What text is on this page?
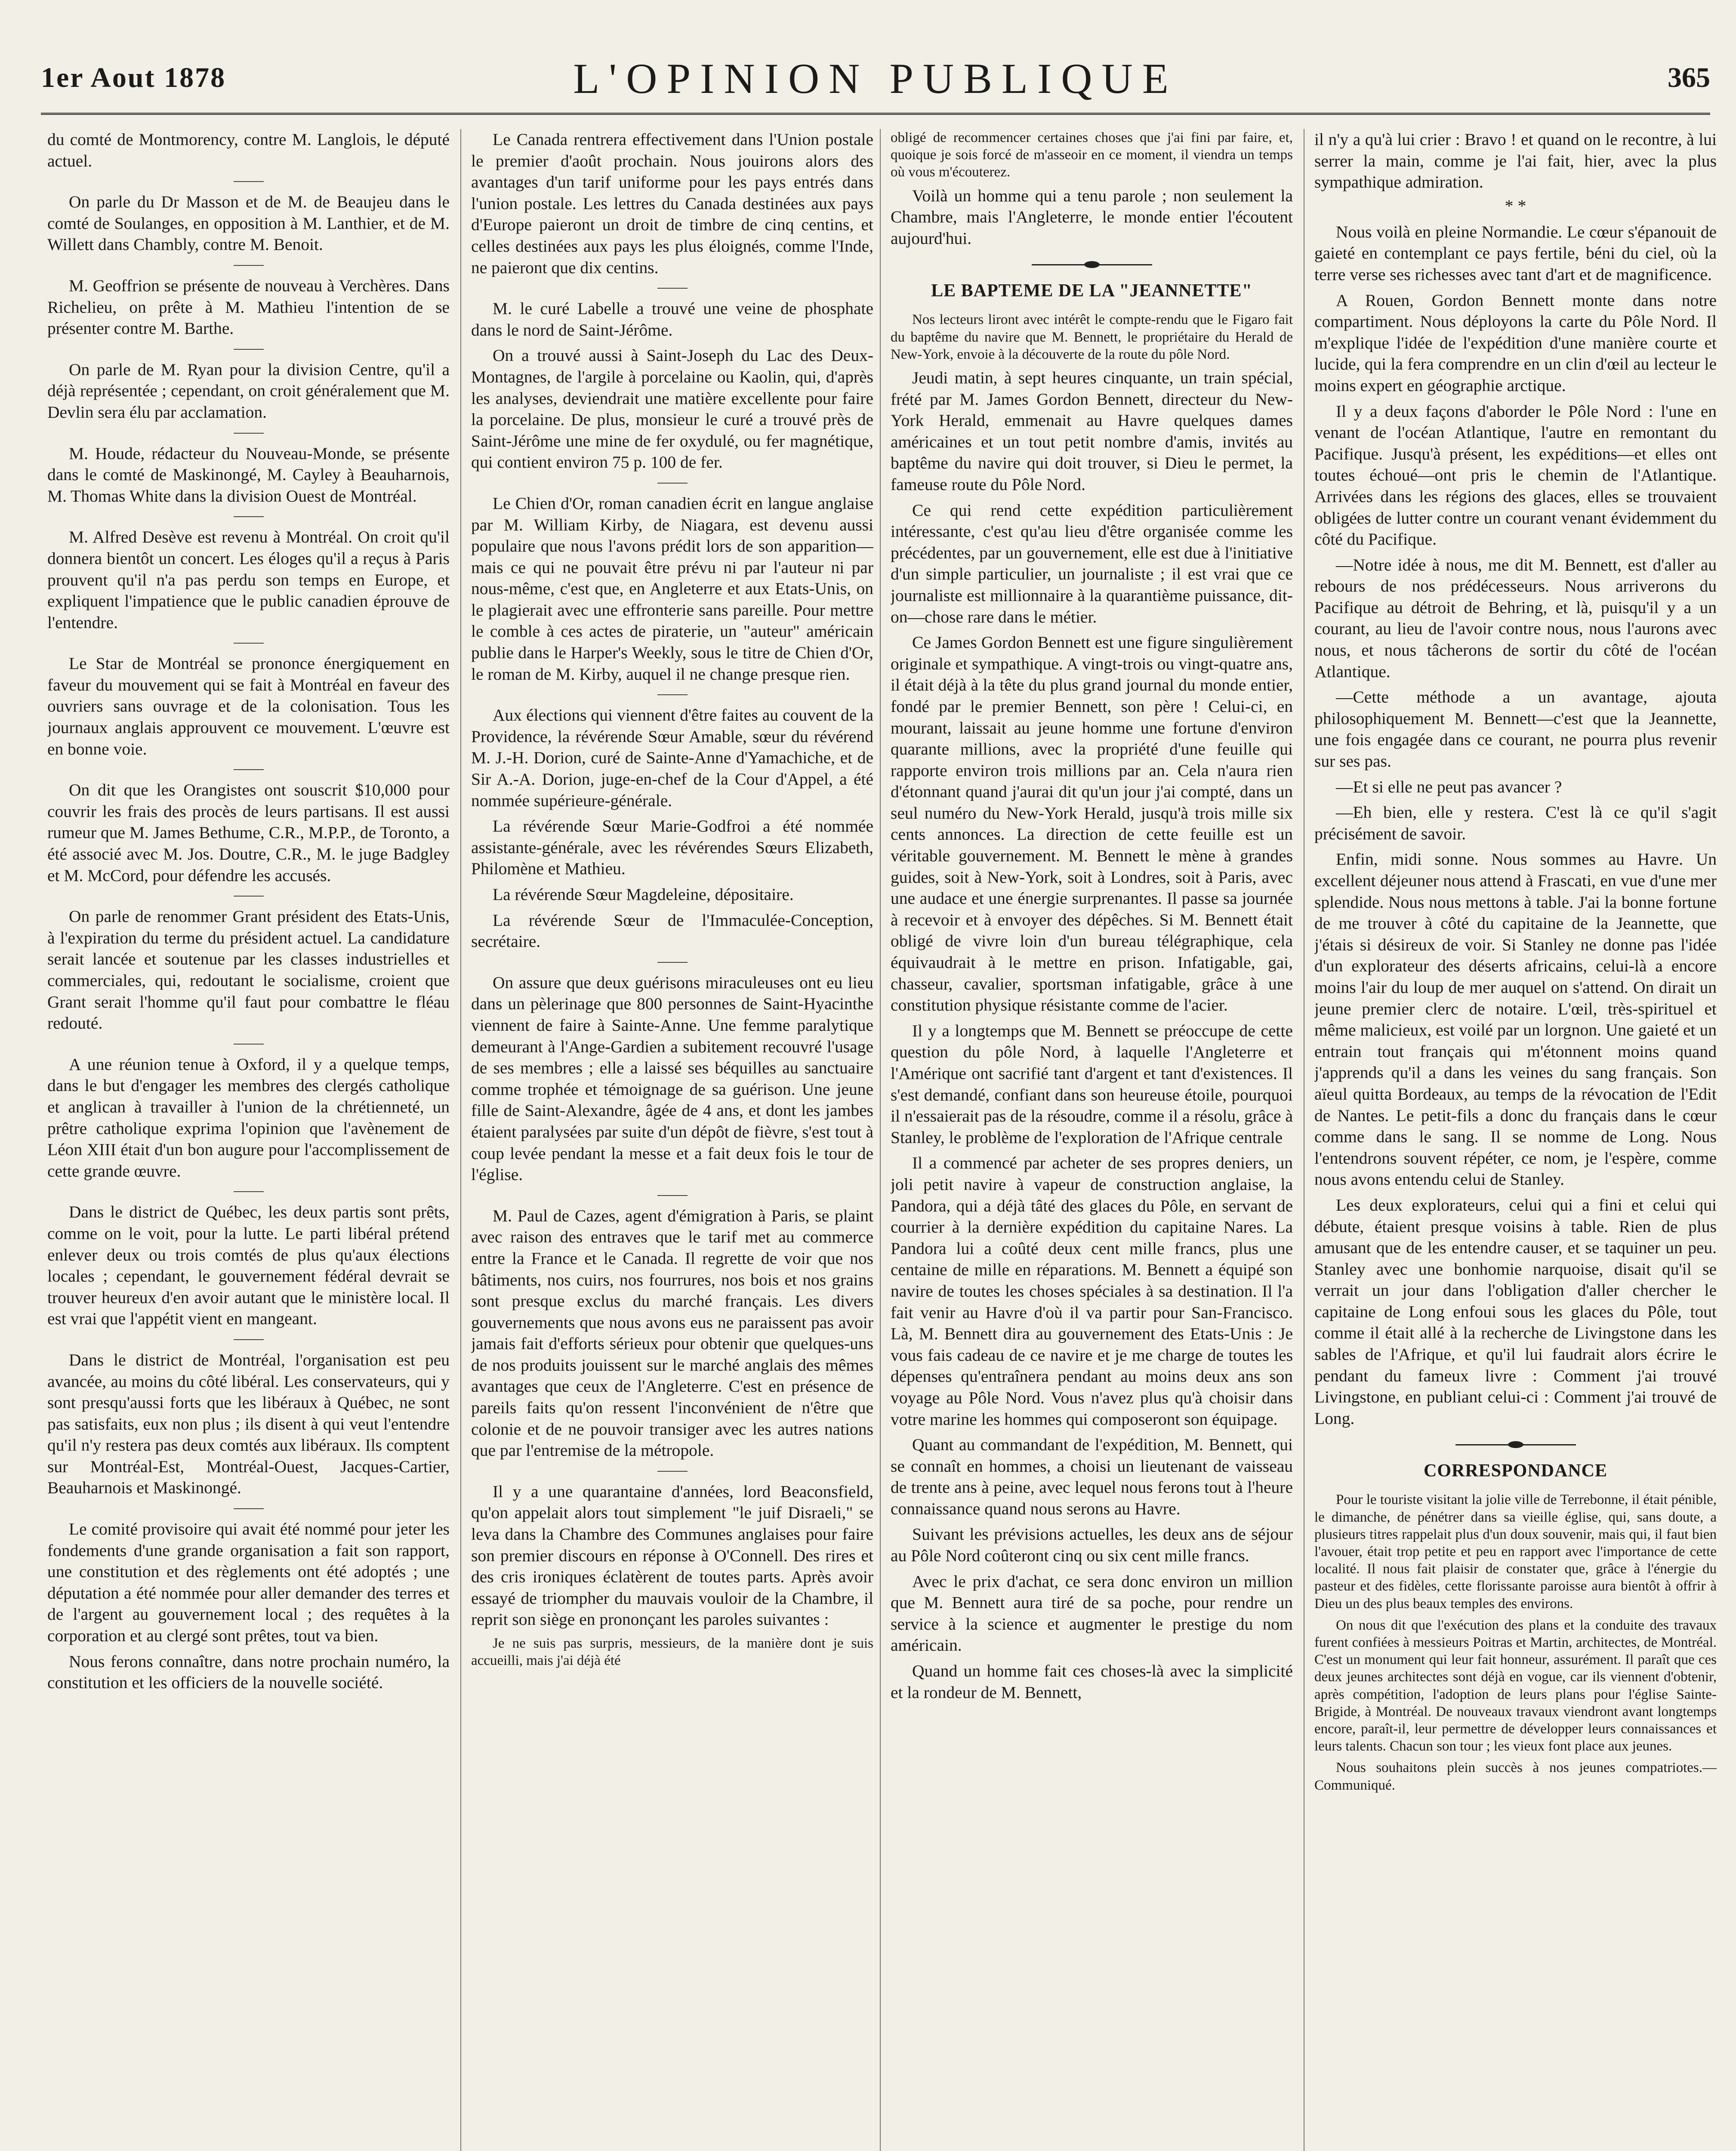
1er Aout 1878	L'OPINION PUBLIQUE	365

du comté de Montmorency, contre M. Langlois, le député actuel.

On parle du Dr Masson et de M. de Beaujeu dans le comté de Soulanges, en opposition à M. Lanthier, et de M. Willett dans Chambly, contre M. Benoit.

M. Geoffrion se présente de nouveau à Verchères. Dans Richelieu, on prête à M. Mathieu l'intention de se présenter contre M. Barthe.

On parle de M. Ryan pour la division Centre, qu'il a déjà représentée ; cependant, on croit généralement que M. Devlin sera élu par acclamation.

M. Houde, rédacteur du Nouveau-Monde, se présente dans le comté de Maskinongé, M. Cayley à Beauharnois, M. Thomas White dans la division Ouest de Montréal.

M. Alfred Desève est revenu à Montréal. On croit qu'il donnera bientôt un concert. Les éloges qu'il a reçus à Paris prouvent qu'il n'a pas perdu son temps en Europe, et expliquent l'impatience que le public canadien éprouve de l'entendre.

Le Star de Montréal se prononce énergiquement en faveur du mouvement qui se fait à Montréal en faveur des ouvriers sans ouvrage et de la colonisation. Tous les journaux anglais approuvent ce mouvement. L'œuvre est en bonne voie.

On dit que les Orangistes ont souscrit $10,000 pour couvrir les frais des procès de leurs partisans. Il est aussi rumeur que M. James Bethume, C.R., M.P.P., de Toronto, a été associé avec M. Jos. Doutre, C.R., M. le juge Badgley et M. McCord, pour défendre les accusés.

On parle de renommer Grant président des Etats-Unis, à l'expiration du terme du président actuel. La candidature serait lancée et soutenue par les classes industrielles et commerciales, qui, redoutant le socialisme, croient que Grant serait l'homme qu'il faut pour combattre le fléau redouté.

A une réunion tenue à Oxford, il y a quelque temps, dans le but d'engager les membres des clergés catholique et anglican à travailler à l'union de la chrétienneté, un prêtre catholique exprima l'opinion que l'avènement de Léon XIII était d'un bon augure pour l'accomplissement de cette grande œuvre.

Dans le district de Québec, les deux partis sont prêts, comme on le voit, pour la lutte. Le parti libéral prétend enlever deux ou trois comtés de plus qu'aux élections locales ; cependant, le gouvernement fédéral devrait se trouver heureux d'en avoir autant que le ministère local. Il est vrai que l'appétit vient en mangeant.

Dans le district de Montréal, l'organisation est peu avancée, au moins du côté libéral. Les conservateurs, qui y sont presqu'aussi forts que les libéraux à Québec, ne sont pas satisfaits, eux non plus ; ils disent à qui veut l'entendre qu'il n'y restera pas deux comtés aux libéraux. Ils comptent sur Montréal-Est, Montréal-Ouest, Jacques-Cartier, Beauharnois et Maskinongé.

Le comité provisoire qui avait été nommé pour jeter les fondements d'une grande organisation a fait son rapport, une constitution et des règlements ont été adoptés ; une députation a été nommée pour aller demander des terres et de l'argent au gouvernement local ; des requêtes à la corporation et au clergé sont prêtes, tout va bien.

Nous ferons connaître, dans notre prochain numéro, la constitution et les officiers de la nouvelle société.

Le Canada rentrera effectivement dans l'Union postale le premier d'août prochain. Nous jouirons alors des avantages d'un tarif uniforme pour les pays entrés dans l'union postale. Les lettres du Canada destinées aux pays d'Europe paieront un droit de timbre de cinq centins, et celles destinées aux pays les plus éloignés, comme l'Inde, ne paieront que dix centins.

M. le curé Labelle a trouvé une veine de phosphate dans le nord de Saint-Jérôme.

On a trouvé aussi à Saint-Joseph du Lac des Deux-Montagnes, de l'argile à porcelaine ou Kaolin, qui, d'après les analyses, deviendrait une matière excellente pour faire la porcelaine. De plus, monsieur le curé a trouvé près de Saint-Jérôme une mine de fer oxydulé, ou fer magnétique, qui contient environ 75 p. 100 de fer.

Le Chien d'Or, roman canadien écrit en langue anglaise par M. William Kirby, de Niagara, est devenu aussi populaire que nous l'avons prédit lors de son apparition—mais ce qui ne pouvait être prévu ni par l'auteur ni par nous-même, c'est que, en Angleterre et aux Etats-Unis, on le plagierait avec une effronterie sans pareille. Pour mettre le comble à ces actes de piraterie, un "auteur" américain publie dans le Harper's Weekly, sous le titre de Chien d'Or, le roman de M. Kirby, auquel il ne change presque rien.

Aux élections qui viennent d'être faites au couvent de la Providence, la révérende Sœur Amable, sœur du révérend M. J.-H. Dorion, curé de Sainte-Anne d'Yamachiche, et de Sir A.-A. Dorion, juge-en-chef de la Cour d'Appel, a été nommée supérieure-générale.

La révérende Sœur Marie-Godfroi a été nommée assistante-générale, avec les révérendes Sœurs Elizabeth, Philomène et Mathieu.

La révérende Sœur Magdeleine, dépositaire.

La révérende Sœur de l'Immaculée-Conception, secrétaire.

On assure que deux guérisons miraculeuses ont eu lieu dans un pèlerinage que 800 personnes de Saint-Hyacinthe viennent de faire à Sainte-Anne. Une femme paralytique demeurant à l'Ange-Gardien a subitement recouvré l'usage de ses membres ; elle a laissé ses béquilles au sanctuaire comme trophée et témoignage de sa guérison. Une jeune fille de Saint-Alexandre, âgée de 4 ans, et dont les jambes étaient paralysées par suite d'un dépôt de fièvre, s'est tout à coup levée pendant la messe et a fait deux fois le tour de l'église.

M. Paul de Cazes, agent d'émigration à Paris, se plaint avec raison des entraves que le tarif met au commerce entre la France et le Canada. Il regrette de voir que nos bâtiments, nos cuirs, nos fourrures, nos bois et nos grains sont presque exclus du marché français. Les divers gouvernements que nous avons eus ne paraissent pas avoir jamais fait d'efforts sérieux pour obtenir que quelques-uns de nos produits jouissent sur le marché anglais des mêmes avantages que ceux de l'Angleterre. C'est en présence de pareils faits qu'on ressent l'inconvénient de n'être que colonie et de ne pouvoir transiger avec les autres nations que par l'entremise de la métropole.

Il y a une quarantaine d'années, lord Beaconsfield, qu'on appelait alors tout simplement "le juif Disraeli," se leva dans la Chambre des Communes anglaises pour faire son premier discours en réponse à O'Connell. Des rires et des cris ironiques éclatèrent de toutes parts. Après avoir essayé de triompher du mauvais vouloir de la Chambre, il reprit son siège en prononçant les paroles suivantes :

Je ne suis pas surpris, messieurs, de la manière dont je suis accueilli, mais j'ai déjà été

obligé de recommencer certaines choses que j'ai fini par faire, et, quoique je sois forcé de m'asseoir en ce moment, il viendra un temps où vous m'écouterez.

Voilà un homme qui a tenu parole ; non seulement la Chambre, mais l'Angleterre, le monde entier l'écoutent aujourd'hui.

LE BAPTEME DE LA "JEANNETTE"

Nos lecteurs liront avec intérêt le compte-rendu que le Figaro fait du baptême du navire que M. Bennett, le propriétaire du Herald de New-York, envoie à la découverte de la route du pôle Nord.

Jeudi matin, à sept heures cinquante, un train spécial, frété par M. James Gordon Bennett, directeur du New-York Herald, emmenait au Havre quelques dames américaines et un tout petit nombre d'amis, invités au baptême du navire qui doit trouver, si Dieu le permet, la fameuse route du Pôle Nord.

Ce qui rend cette expédition particulièrement intéressante, c'est qu'au lieu d'être organisée comme les précédentes, par un gouvernement, elle est due à l'initiative d'un simple particulier, un journaliste ; il est vrai que ce journaliste est millionnaire à la quarantième puissance, dit-on—chose rare dans le métier.

Ce James Gordon Bennett est une figure singulièrement originale et sympathique. A vingt-trois ou vingt-quatre ans, il était déjà à la tête du plus grand journal du monde entier, fondé par le premier Bennett, son père ! Celui-ci, en mourant, laissait au jeune homme une fortune d'environ quarante millions, avec la propriété d'une feuille qui rapporte environ trois millions par an. Cela n'aura rien d'étonnant quand j'aurai dit qu'un jour j'ai compté, dans un seul numéro du New-York Herald, jusqu'à trois mille six cents annonces. La direction de cette feuille est un véritable gouvernement. M. Bennett le mène à grandes guides, soit à New-York, soit à Londres, soit à Paris, avec une audace et une énergie surprenantes. Il passe sa journée à recevoir et à envoyer des dépêches. Si M. Bennett était obligé de vivre loin d'un bureau télégraphique, cela équivaudrait à le mettre en prison. Infatigable, gai, chasseur, cavalier, sportsman infatigable, grâce à une constitution physique résistante comme de l'acier.

Il y a longtemps que M. Bennett se préoccupe de cette question du pôle Nord, à laquelle l'Angleterre et l'Amérique ont sacrifié tant d'argent et tant d'existences. Il s'est demandé, confiant dans son heureuse étoile, pourquoi il n'essaierait pas de la résoudre, comme il a résolu, grâce à Stanley, le problème de l'exploration de l'Afrique centrale

Il a commencé par acheter de ses propres deniers, un joli petit navire à vapeur de construction anglaise, la Pandora, qui a déjà tâté des glaces du Pôle, en servant de courrier à la dernière expédition du capitaine Nares. La Pandora lui a coûté deux cent mille francs, plus une centaine de mille en réparations. M. Bennett a équipé son navire de toutes les choses spéciales à sa destination. Il l'a fait venir au Havre d'où il va partir pour San-Francisco. Là, M. Bennett dira au gouvernement des Etats-Unis : Je vous fais cadeau de ce navire et je me charge de toutes les dépenses qu'entraînera pendant au moins deux ans son voyage au Pôle Nord. Vous n'avez plus qu'à choisir dans votre marine les hommes qui composeront son équipage.

Quant au commandant de l'expédition, M. Bennett, qui se connaît en hommes, a choisi un lieutenant de vaisseau de trente ans à peine, avec lequel nous ferons tout à l'heure connaissance quand nous serons au Havre.

Suivant les prévisions actuelles, les deux ans de séjour au Pôle Nord coûteront cinq ou six cent mille francs.

Avec le prix d'achat, ce sera donc environ un million que M. Bennett aura tiré de sa poche, pour rendre un service à la science et augmenter le prestige du nom américain.

Quand un homme fait ces choses-là avec la simplicité et la rondeur de M. Bennett,

il n'y a qu'à lui crier : Bravo ! et quand on le recontre, à lui serrer la main, comme je l'ai fait, hier, avec la plus sympathique admiration.

* *

Nous voilà en pleine Normandie. Le cœur s'épanouit de gaieté en contemplant ce pays fertile, béni du ciel, où la terre verse ses richesses avec tant d'art et de magnificence.

A Rouen, Gordon Bennett monte dans notre compartiment. Nous déployons la carte du Pôle Nord. Il m'explique l'idée de l'expédition d'une manière courte et lucide, qui la fera comprendre en un clin d'œil au lecteur le moins expert en géographie arctique.

Il y a deux façons d'aborder le Pôle Nord : l'une en venant de l'océan Atlantique, l'autre en remontant du Pacifique. Jusqu'à présent, les expéditions—et elles ont toutes échoué—ont pris le chemin de l'Atlantique. Arrivées dans les régions des glaces, elles se trouvaient obligées de lutter contre un courant venant évidemment du côté du Pacifique.

—Notre idée à nous, me dit M. Bennett, est d'aller au rebours de nos prédécesseurs. Nous arriverons du Pacifique au détroit de Behring, et là, puisqu'il y a un courant, au lieu de l'avoir contre nous, nous l'aurons avec nous, et nous tâcherons de sortir du côté de l'océan Atlantique.

—Cette méthode a un avantage, ajouta philosophiquement M. Bennett—c'est que la Jeannette, une fois engagée dans ce courant, ne pourra plus revenir sur ses pas.

—Et si elle ne peut pas avancer ?

—Eh bien, elle y restera. C'est là ce qu'il s'agit précisément de savoir.

Enfin, midi sonne. Nous sommes au Havre. Un excellent déjeuner nous attend à Frascati, en vue d'une mer splendide. Nous nous mettons à table. J'ai la bonne fortune de me trouver à côté du capitaine de la Jeannette, que j'étais si désireux de voir. Si Stanley ne donne pas l'idée d'un explorateur des déserts africains, celui-là a encore moins l'air du loup de mer auquel on s'attend. On dirait un jeune premier clerc de notaire. L'œil, très-spirituel et même malicieux, est voilé par un lorgnon. Une gaieté et un entrain tout français qui m'étonnent moins quand j'apprends qu'il a dans les veines du sang français. Son aïeul quitta Bordeaux, au temps de la révocation de l'Edit de Nantes. Le petit-fils a donc du français dans le cœur comme dans le sang. Il se nomme de Long. Nous l'entendrons souvent répéter, ce nom, je l'espère, comme nous avons entendu celui de Stanley.

Les deux explorateurs, celui qui a fini et celui qui débute, étaient presque voisins à table. Rien de plus amusant que de les entendre causer, et se taquiner un peu. Stanley avec une bonhomie narquoise, disait qu'il se verrait un jour dans l'obligation d'aller chercher le capitaine de Long enfoui sous les glaces du Pôle, tout comme il était allé à la recherche de Livingstone dans les sables de l'Afrique, et qu'il lui faudrait alors écrire le pendant du fameux livre : Comment j'ai trouvé Livingstone, en publiant celui-ci : Comment j'ai trouvé de Long.

CORRESPONDANCE

Pour le touriste visitant la jolie ville de Terrebonne, il était pénible, le dimanche, de pénétrer dans sa vieille église, qui, sans doute, a plusieurs titres rappelait plus d'un doux souvenir, mais qui, il faut bien l'avouer, était trop petite et peu en rapport avec l'importance de cette localité. Il nous fait plaisir de constater que, grâce à l'énergie du pasteur et des fidèles, cette florissante paroisse aura bientôt à offrir à Dieu un des plus beaux temples des environs.

On nous dit que l'exécution des plans et la conduite des travaux furent confiées à messieurs Poitras et Martin, architectes, de Montréal. C'est un monument qui leur fait honneur, assurément. Il paraît que ces deux jeunes architectes sont déjà en vogue, car ils viennent d'obtenir, après compétition, l'adoption de leurs plans pour l'église Sainte-Brigide, à Montréal. De nouveaux travaux viendront avant longtemps encore, paraît-il, leur permettre de développer leurs connaissances et leurs talents. Chacun son tour ; les vieux font place aux jeunes.

Nous souhaitons plein succès à nos jeunes compatriotes.—Communiqué.
